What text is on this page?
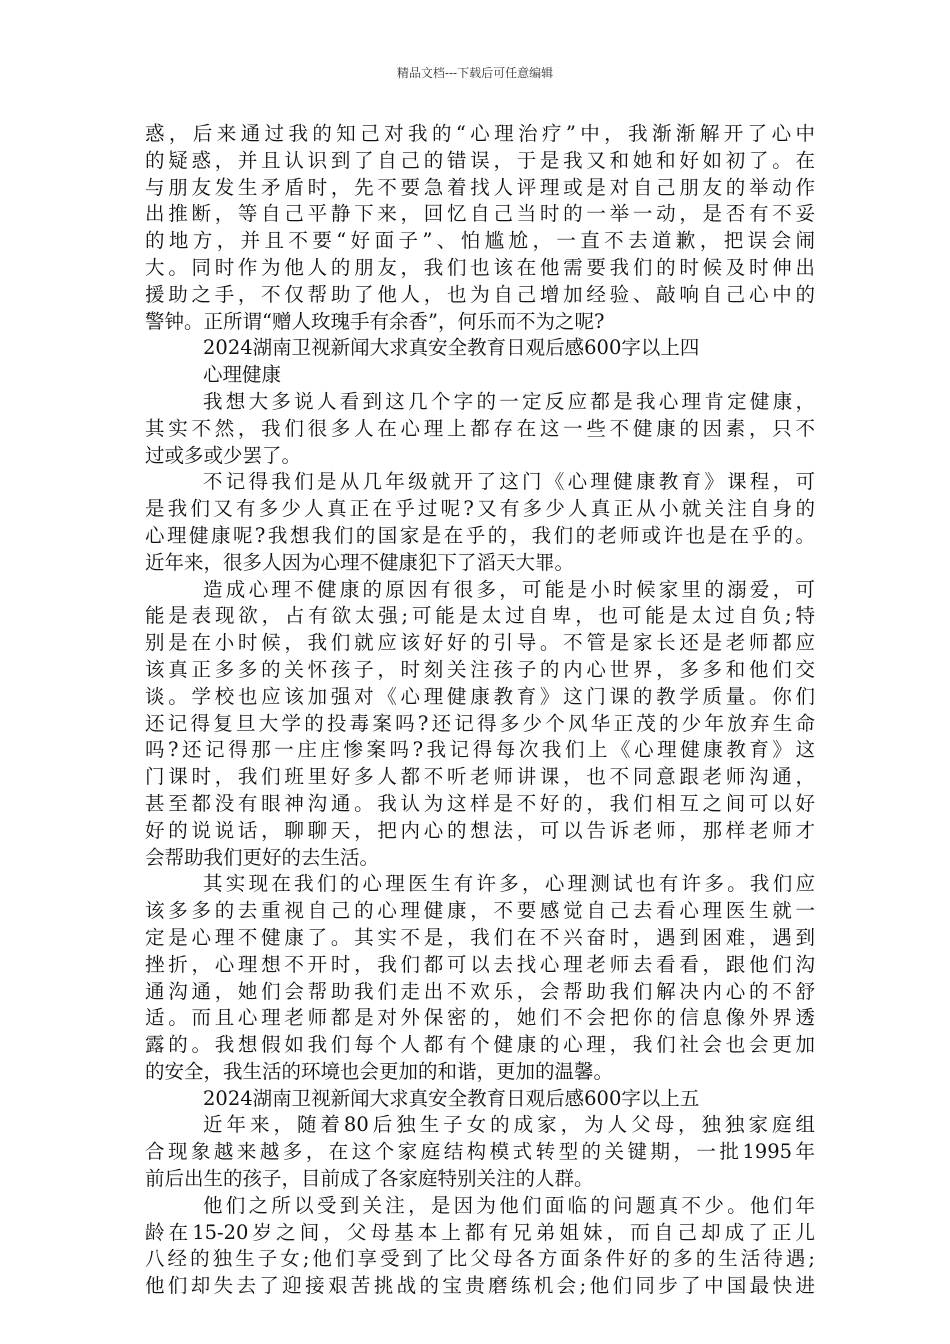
精品文档---下载后可任意编辑
惑，后来通过我的知己对我的“心理治疗”中，我渐渐解开了心中
的疑惑，并且认识到了自己的错误，于是我又和她和好如初了。在
与朋友发生矛盾时，先不要急着找人评理或是对自己朋友的举动作
出推断，等自己平静下来，回忆自己当时的一举一动，是否有不妥
的地方，并且不要“好面子”、怕尴尬，一直不去道歉，把误会闹
大。同时作为他人的朋友，我们也该在他需要我们的时候及时伸出
援助之手，不仅帮助了他人，也为自己增加经验、敲响自己心中的
警钟。正所谓“赠人玫瑰手有余香”，何乐而不为之呢?
2024湖南卫视新闻大求真安全教育日观后感600字以上四
心理健康
我想大多说人看到这几个字的一定反应都是我心理肯定健康，
其实不然，我们很多人在心理上都存在这一些不健康的因素，只不
过或多或少罢了。
不记得我们是从几年级就开了这门《心理健康教育》课程，可
是我们又有多少人真正在乎过呢?又有多少人真正从小就关注自身的
心理健康呢?我想我们的国家是在乎的，我们的老师或许也是在乎的。
近年来，很多人因为心理不健康犯下了滔天大罪。
造成心理不健康的原因有很多，可能是小时候家里的溺爱，可
能是表现欲，占有欲太强;可能是太过自卑，也可能是太过自负;特
别是在小时候，我们就应该好好的引导。不管是家长还是老师都应
该真正多多的关怀孩子，时刻关注孩子的内心世界，多多和他们交
谈。学校也应该加强对《心理健康教育》这门课的教学质量。你们
还记得复旦大学的投毒案吗?还记得多少个风华正茂的少年放弃生命
吗?还记得那一庄庄惨案吗?我记得每次我们上《心理健康教育》这
门课时，我们班里好多人都不听老师讲课，也不同意跟老师沟通，
甚至都没有眼神沟通。我认为这样是不好的，我们相互之间可以好
好的说说话，聊聊天，把内心的想法，可以告诉老师，那样老师才
会帮助我们更好的去生活。
其实现在我们的心理医生有许多，心理测试也有许多。我们应
该多多的去重视自己的心理健康，不要感觉自己去看心理医生就一
定是心理不健康了。其实不是，我们在不兴奋时，遇到困难，遇到
挫折，心理想不开时，我们都可以去找心理老师去看看，跟他们沟
通沟通，她们会帮助我们走出不欢乐，会帮助我们解决内心的不舒
适。而且心理老师都是对外保密的，她们不会把你的信息像外界透
露的。我想假如我们每个人都有个健康的心理，我们社会也会更加
的安全，我生活的环境也会更加的和谐，更加的温馨。
2024湖南卫视新闻大求真安全教育日观后感600字以上五
近年来，随着80后独生子女的成家，为人父母，独独家庭组
合现象越来越多，在这个家庭结构模式转型的关键期，一批1995年
前后出生的孩子，目前成了各家庭特别关注的人群。
他们之所以受到关注，是因为他们面临的问题真不少。他们年
龄在15-20岁之间，父母基本上都有兄弟姐妹，而自己却成了正儿
八经的独生子女;他们享受到了比父母各方面条件好的多的生活待遇;
他们却失去了迎接艰苦挑战的宝贵磨练机会;他们同步了中国最快进
